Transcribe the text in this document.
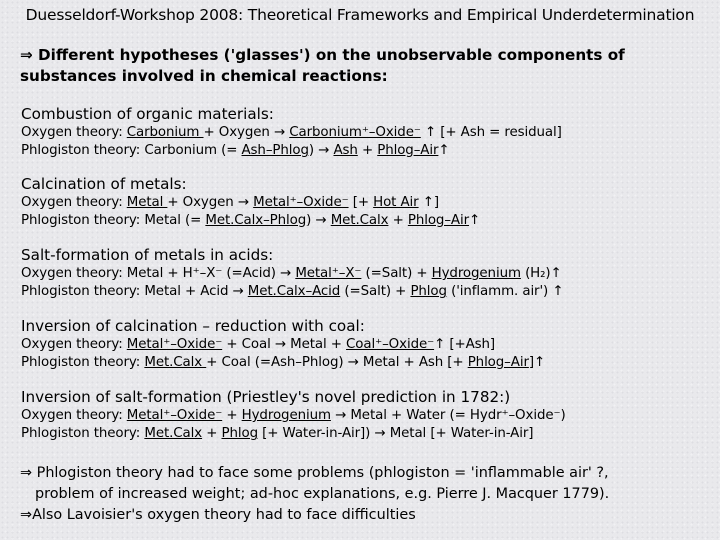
Duesseldorf-Workshop 2008: Theoretical Frameworks and Empirical Underdetermination
⇒ Different hypotheses ('glasses') on the unobservable components of
substances involved in chemical reactions:
Combustion of organic materials:
Oxygen theory: Carbonium + Oxygen → Carbonium⁺–Oxide⁻ ↑ [+ Ash = residual]
Phlogiston theory: Carbonium (= Ash–Phlog) → Ash + Phlog–Air↑
Calcination of metals:
Oxygen theory: Metal + Oxygen → Metal⁺–Oxide⁻ [+ Hot Air ↑]
Phlogiston theory: Metal (= Met.Calx–Phlog) → Met.Calx + Phlog–Air↑
Salt-formation of metals in acids:
Oxygen theory: Metal + H⁺–X⁻ (=Acid) → Metal⁺–X⁻ (=Salt) + Hydrogenium (H₂)↑
Phlogiston theory: Metal + Acid → Met.Calx–Acid (=Salt) + Phlog ('inflamm. air') ↑
Inversion of calcination – reduction with coal:
Oxygen theory: Metal⁺–Oxide⁻ + Coal → Metal + Coal⁺–Oxide⁻↑ [+Ash]
Phlogiston theory: Met.Calx + Coal (=Ash–Phlog) → Metal + Ash [+ Phlog–Air]↑
Inversion of salt-formation (Priestley's novel prediction in 1782:)
Oxygen theory: Metal⁺–Oxide⁻ + Hydrogenium → Metal + Water (= Hydr⁺–Oxide⁻)
Phlogiston theory: Met.Calx + Phlog [+ Water-in-Air]) → Metal [+ Water-in-Air]
⇒ Phlogiston theory had to face some problems (phlogiston = 'inflammable air' ?,
problem of increased weight; ad-hoc explanations, e.g. Pierre J. Macquer 1779).
⇒Also Lavoisier's oxygen theory had to face difficulties
